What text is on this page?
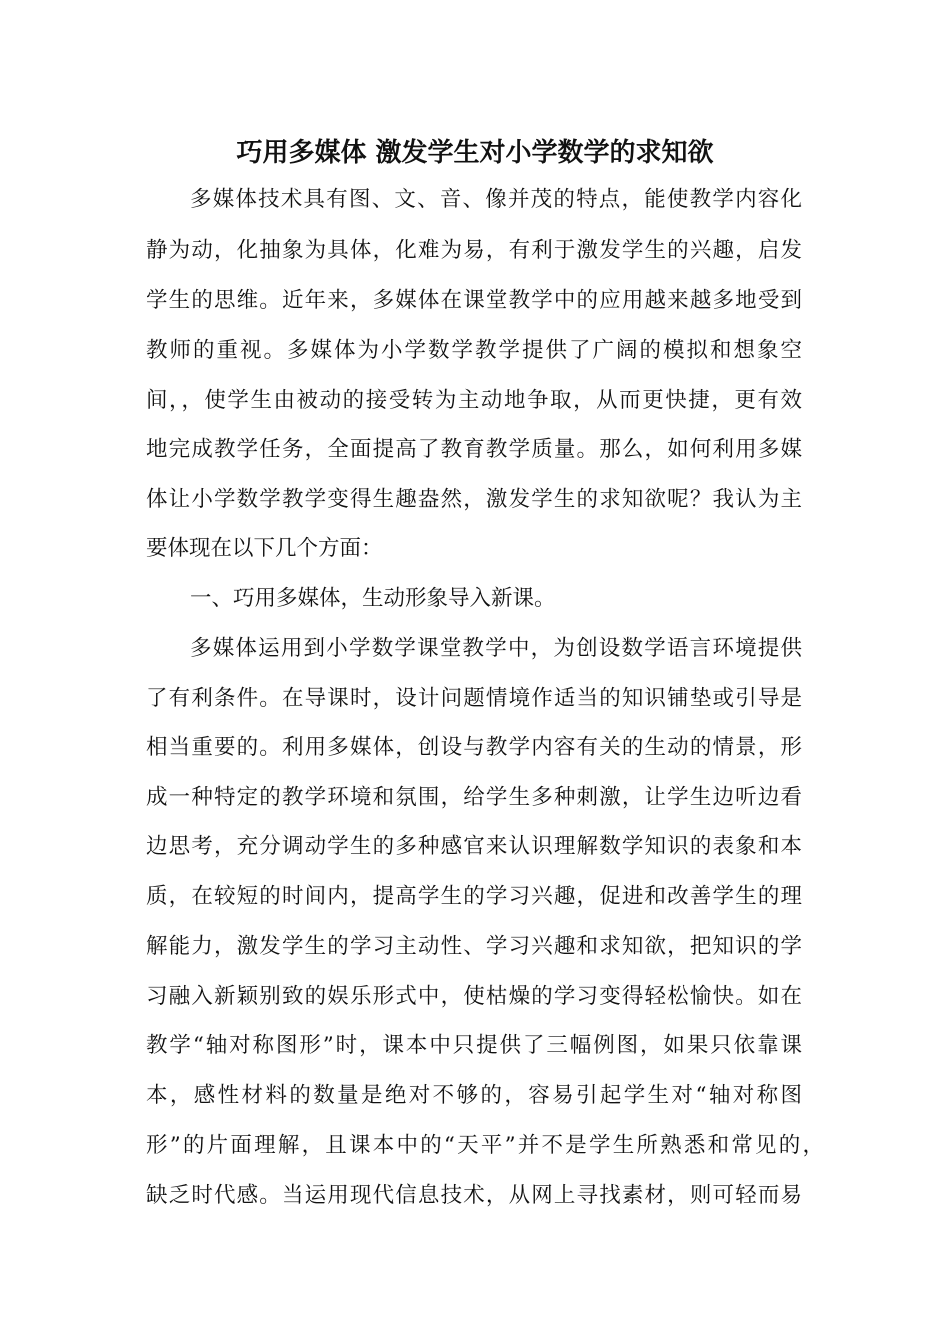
巧用多媒体 激发学生对小学数学的求知欲
多媒体技术具有图、文、音、像并茂的特点，能使教学内容化
静为动，化抽象为具体，化难为易，有利于激发学生的兴趣，启发
学生的思维。近年来，多媒体在课堂教学中的应用越来越多地受到
教师的重视。多媒体为小学数学教学提供了广阔的模拟和想象空
间，，使学生由被动的接受转为主动地争取，从而更快捷，更有效
地完成教学任务，全面提高了教育教学质量。那么，如何利用多媒
体让小学数学教学变得生趣盎然，激发学生的求知欲呢？我认为主
要体现在以下几个方面：
一、巧用多媒体，生动形象导入新课。
多媒体运用到小学数学课堂教学中，为创设数学语言环境提供
了有利条件。在导课时，设计问题情境作适当的知识铺垫或引导是
相当重要的。利用多媒体，创设与教学内容有关的生动的情景，形
成一种特定的教学环境和氛围，给学生多种刺激，让学生边听边看
边思考，充分调动学生的多种感官来认识理解数学知识的表象和本
质，在较短的时间内，提高学生的学习兴趣，促进和改善学生的理
解能力，激发学生的学习主动性、学习兴趣和求知欲，把知识的学
习融入新颖别致的娱乐形式中，使枯燥的学习变得轻松愉快。如在
教学“轴对称图形”时，课本中只提供了三幅例图，如果只依靠课
本，感性材料的数量是绝对不够的，容易引起学生对“轴对称图
形”的片面理解，且课本中的“天平”并不是学生所熟悉和常见的，
缺乏时代感。当运用现代信息技术，从网上寻找素材，则可轻而易
